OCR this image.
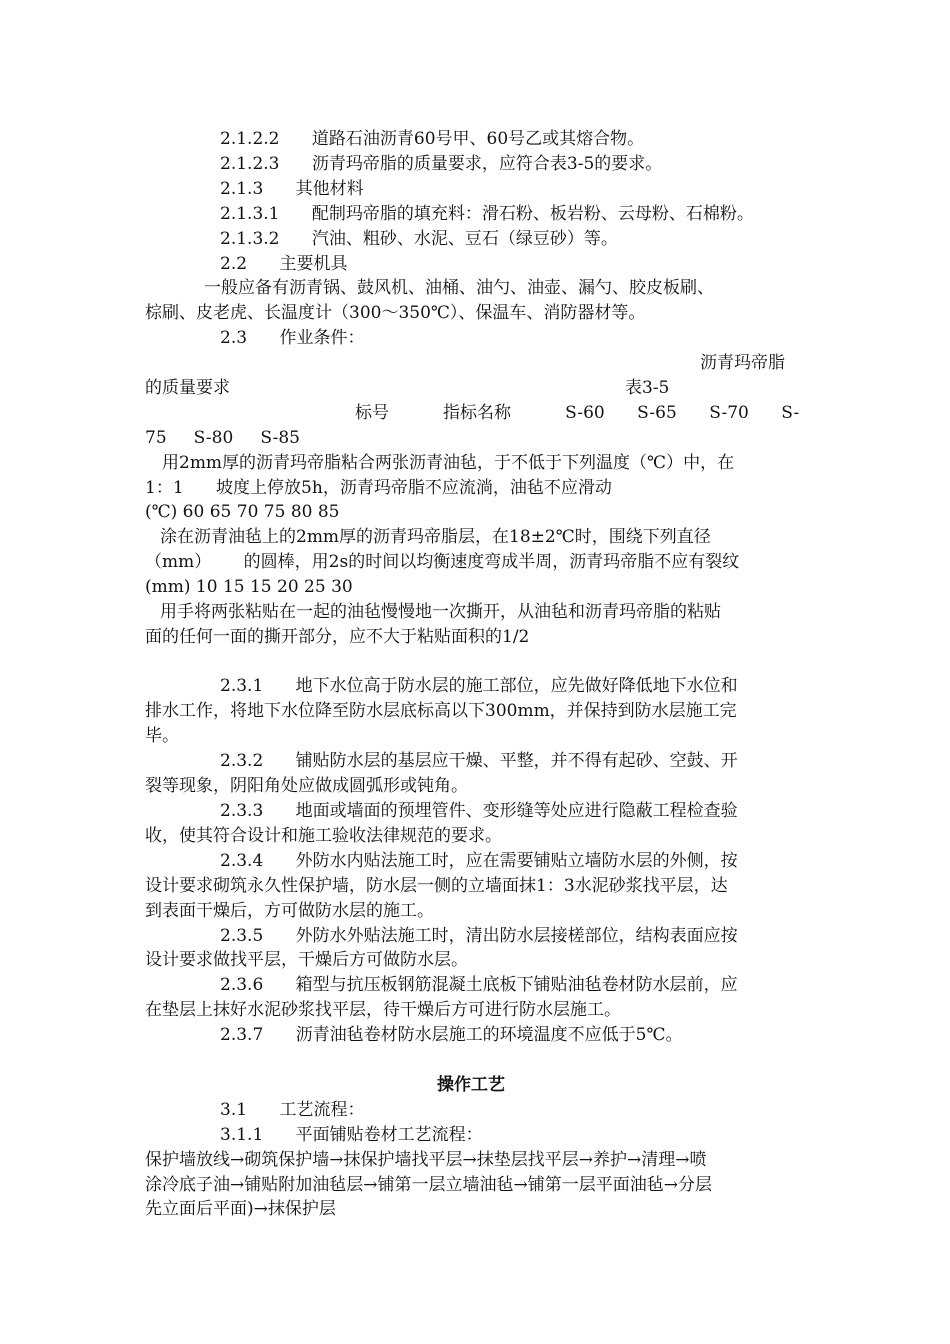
2.1.2.2      道路石油沥青60号甲、60号乙或其熔合物。

2.1.2.3      沥青玛帝脂的质量要求，应符合表3-5的要求。

2.1.3      其他材料

2.1.3.1      配制玛帝脂的填充料：滑石粉、板岩粉、云母粉、石棉粉。

2.1.3.2      汽油、粗砂、水泥、豆石（绿豆砂）等。

2.2      主要机具

一般应备有沥青锅、鼓风机、油桶、油勺、油壶、漏勺、胶皮板刷、

棕刷、皮老虎、长温度计（300～350℃）、保温车、消防器材等。

2.3      作业条件：

沥青玛帝脂

的质量要求	表3-5

标号          指标名称          S-60      S-65      S-70      S-

75     S-80     S-85

用2mm厚的沥青玛帝脂粘合两张沥青油毡，于不低于下列温度（℃）中，在

1：1      坡度上停放5h，沥青玛帝脂不应流淌，油毡不应滑动

(℃) 60 65 70 75 80 85

涂在沥青油毡上的2mm厚的沥青玛帝脂层，在18±2℃时，围绕下列直径

（mm）      的圆棒，用2s的时间以均衡速度弯成半周，沥青玛帝脂不应有裂纹

(mm) 10 15 15 20 25 30

用手将两张粘贴在一起的油毡慢慢地一次撕开，从油毡和沥青玛帝脂的粘贴

面的任何一面的撕开部分，应不大于粘贴面积的1/2

2.3.1      地下水位高于防水层的施工部位，应先做好降低地下水位和

排水工作，将地下水位降至防水层底标高以下300mm，并保持到防水层施工完

毕。

2.3.2      铺贴防水层的基层应干燥、平整，并不得有起砂、空鼓、开

裂等现象，阴阳角处应做成圆弧形或钝角。

2.3.3      地面或墙面的预埋管件、变形缝等处应进行隐蔽工程检查验

收，使其符合设计和施工验收法律规范的要求。

2.3.4      外防水内贴法施工时，应在需要铺贴立墙防水层的外侧，按

设计要求砌筑永久性保护墙，防水层一侧的立墙面抹1：3水泥砂浆找平层，达

到表面干燥后，方可做防水层的施工。

2.3.5      外防水外贴法施工时，清出防水层接槎部位，结构表面应按

设计要求做找平层，干燥后方可做防水层。

2.3.6      箱型与抗压板钢筋混凝土底板下铺贴油毡卷材防水层前，应

在垫层上抹好水泥砂浆找平层，待干燥后方可进行防水层施工。

2.3.7      沥青油毡卷材防水层施工的环境温度不应低于5℃。

操作工艺

3.1      工艺流程：

3.1.1      平面铺贴卷材工艺流程：

保护墙放线→砌筑保护墙→抹保护墙找平层→抹垫层找平层→养护→清理→喷

涂冷底子油→铺贴附加油毡层→铺第一层立墙油毡→铺第一层平面油毡→分层

先立面后平面)→抹保护层
